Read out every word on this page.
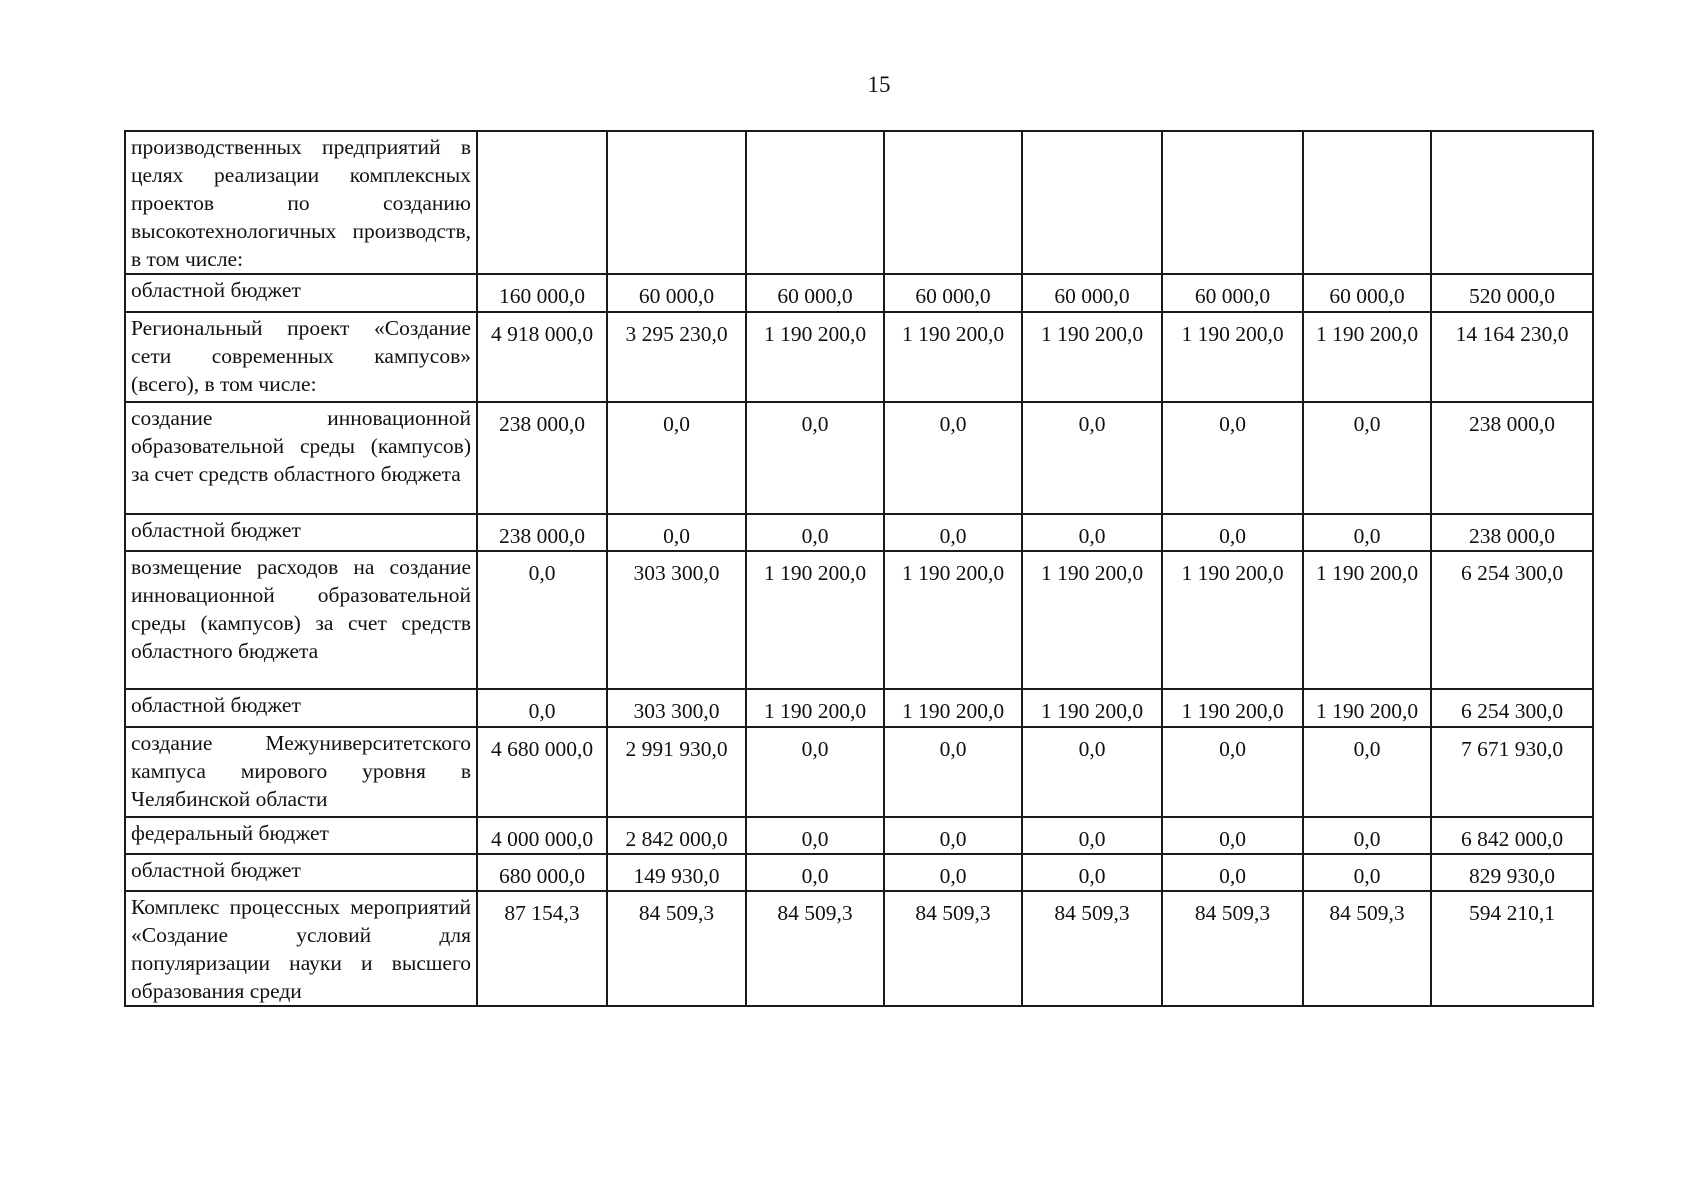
15
производственных предприятий в целях реализации комплексных проектов по созданию высокотехнологичных производств, в том числе:								
областной бюджет	160 000,0	60 000,0	60 000,0	60 000,0	60 000,0	60 000,0	60 000,0	520 000,0
Региональный проект «Создание сети современных кампусов» (всего), в том числе:	4 918 000,0	3 295 230,0	1 190 200,0	1 190 200,0	1 190 200,0	1 190 200,0	1 190 200,0	14 164 230,0
создание инновационной образовательной среды (кампусов) за счет средств областного бюджета	238 000,0	0,0	0,0	0,0	0,0	0,0	0,0	238 000,0
областной бюджет	238 000,0	0,0	0,0	0,0	0,0	0,0	0,0	238 000,0
возмещение расходов на создание инновационной образовательной среды (кампусов) за счет средств областного бюджета	0,0	303 300,0	1 190 200,0	1 190 200,0	1 190 200,0	1 190 200,0	1 190 200,0	6 254 300,0
областной бюджет	0,0	303 300,0	1 190 200,0	1 190 200,0	1 190 200,0	1 190 200,0	1 190 200,0	6 254 300,0
создание Межуниверситетского кампуса мирового уровня в Челябинской области	4 680 000,0	2 991 930,0	0,0	0,0	0,0	0,0	0,0	7 671 930,0
федеральный бюджет	4 000 000,0	2 842 000,0	0,0	0,0	0,0	0,0	0,0	6 842 000,0
областной бюджет	680 000,0	149 930,0	0,0	0,0	0,0	0,0	0,0	829 930,0
Комплекс процессных мероприятий «Создание условий для популяризации науки и высшего образования среди	87 154,3	84 509,3	84 509,3	84 509,3	84 509,3	84 509,3	84 509,3	594 210,1
